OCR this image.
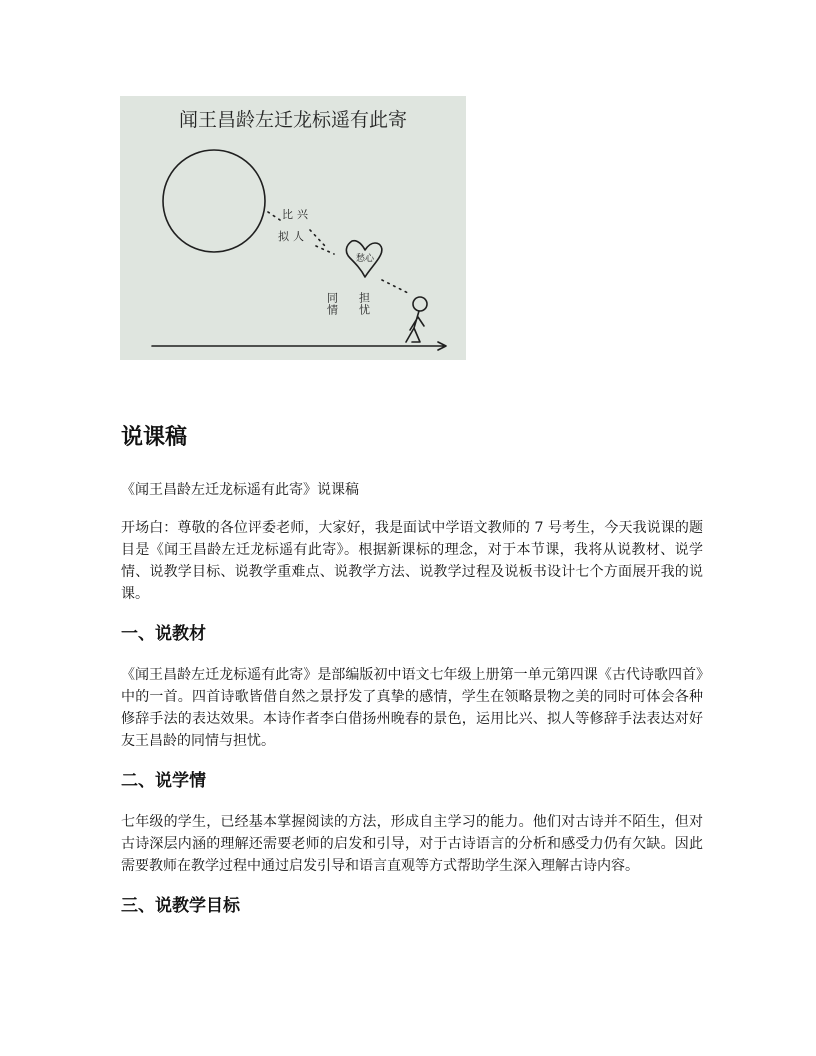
闻王昌龄左迁龙标遥有此寄
比兴
拟人
愁心
同情 担忧
说课稿

《闻王昌龄左迁龙标遥有此寄》说课稿

开场白：尊敬的各位评委老师，大家好，我是面试中学语文教师的 7 号考生，今天我说课的题目是《闻王昌龄左迁龙标遥有此寄》。根据新课标的理念，对于本节课，我将从说教材、说学情、说教学目标、说教学重难点、说教学方法、说教学过程及说板书设计七个方面展开我的说课。

一、说教材

《闻王昌龄左迁龙标遥有此寄》是部编版初中语文七年级上册第一单元第四课《古代诗歌四首》中的一首。四首诗歌皆借自然之景抒发了真挚的感情，学生在领略景物之美的同时可体会各种修辞手法的表达效果。本诗作者李白借扬州晚春的景色，运用比兴、拟人等修辞手法表达对好友王昌龄的同情与担忧。

二、说学情

七年级的学生，已经基本掌握阅读的方法，形成自主学习的能力。他们对古诗并不陌生，但对古诗深层内涵的理解还需要老师的启发和引导，对于古诗语言的分析和感受力仍有欠缺。因此需要教师在教学过程中通过启发引导和语言直观等方式帮助学生深入理解古诗内容。

三、说教学目标
